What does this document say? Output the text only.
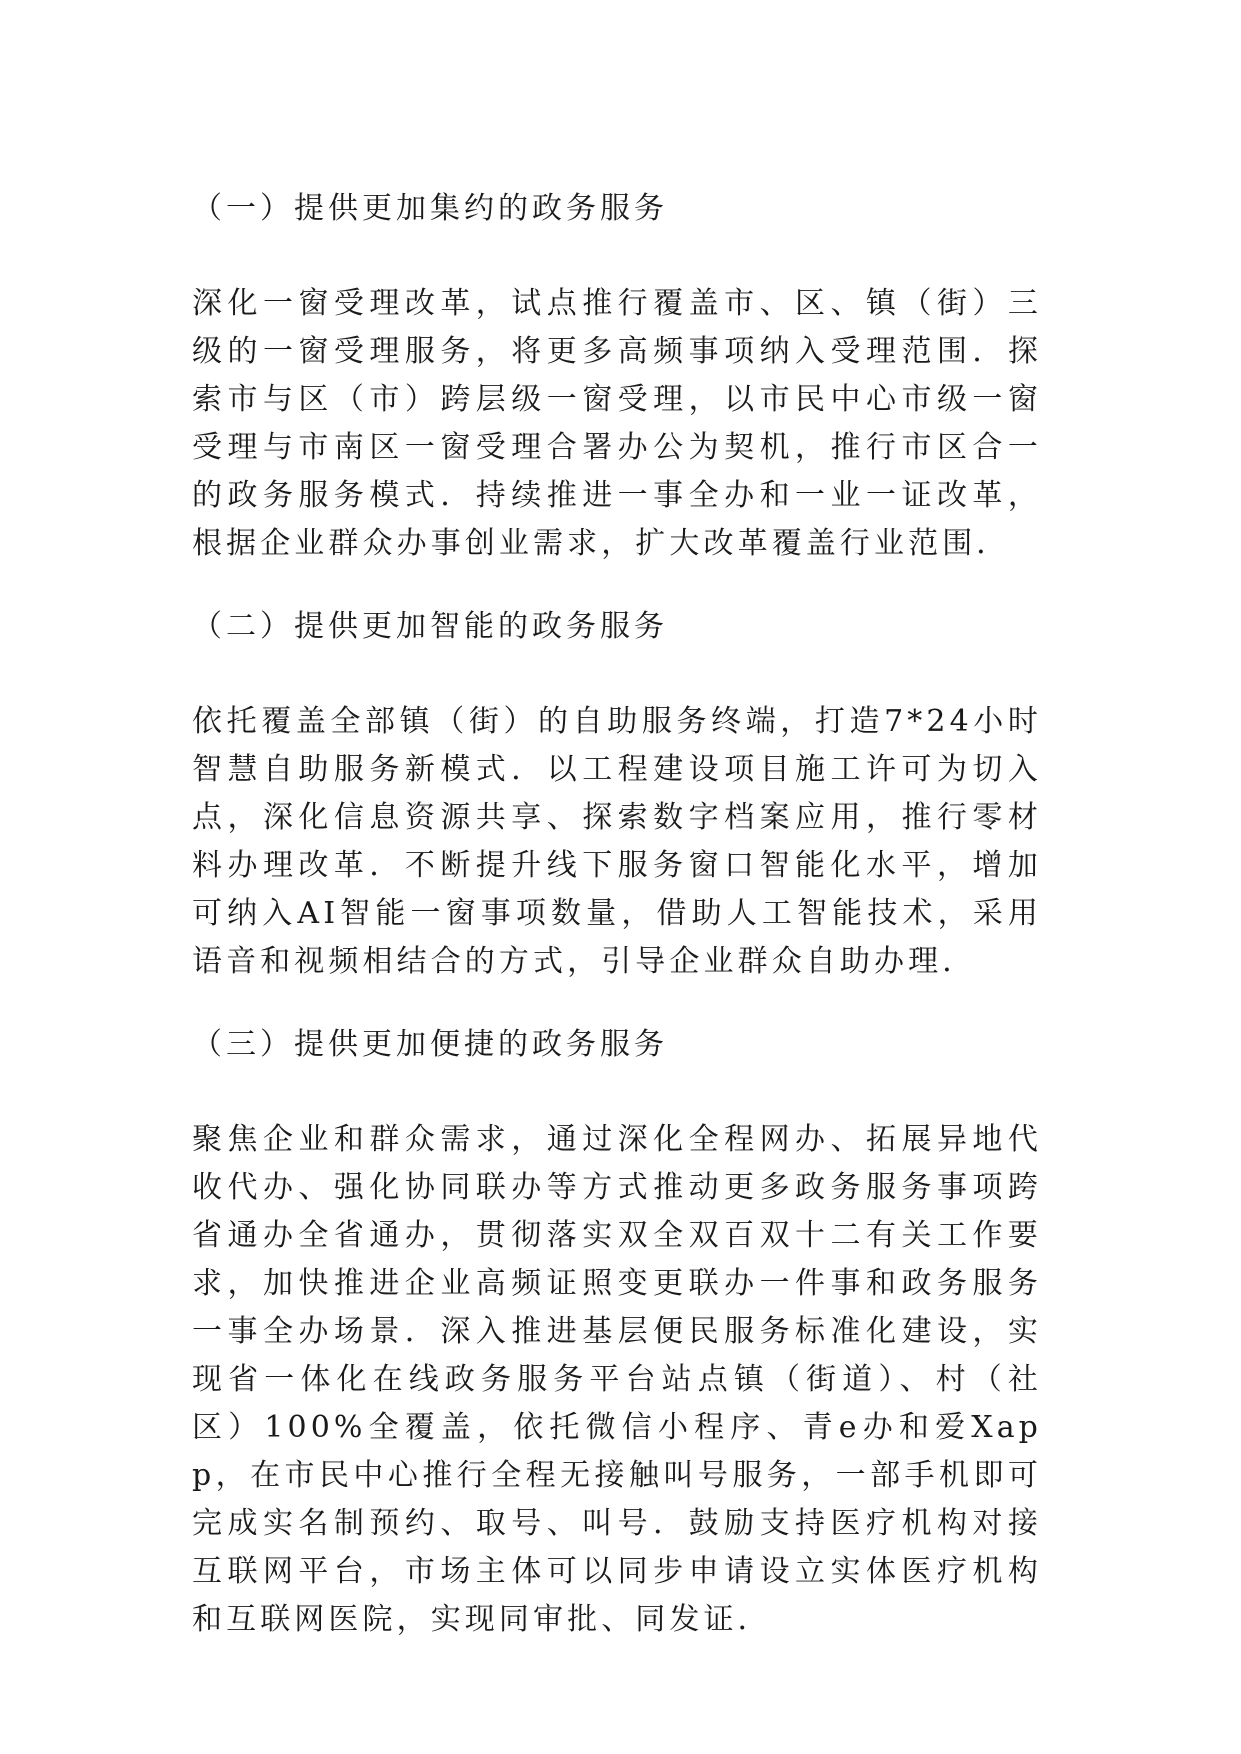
（一）提供更加集约的政务服务
深化一窗受理改革，试点推行覆盖市、区、镇（街）三级的一窗受理服务，将更多高频事项纳入受理范围．探索市与区（市）跨层级一窗受理，以市民中心市级一窗受理与市南区一窗受理合署办公为契机，推行市区合一的政务服务模式．持续推进一事全办和一业一证改革，根据企业群众办事创业需求，扩大改革覆盖行业范围．
（二）提供更加智能的政务服务
依托覆盖全部镇（街）的自助服务终端，打造7*24小时智慧自助服务新模式．以工程建设项目施工许可为切入点，深化信息资源共享、探索数字档案应用，推行零材料办理改革．不断提升线下服务窗口智能化水平，增加可纳入AI智能一窗事项数量，借助人工智能技术，采用语音和视频相结合的方式，引导企业群众自助办理．
（三）提供更加便捷的政务服务
聚焦企业和群众需求，通过深化全程网办、拓展异地代收代办、强化协同联办等方式推动更多政务服务事项跨省通办全省通办，贯彻落实双全双百双十二有关工作要求，加快推进企业高频证照变更联办一件事和政务服务一事全办场景．深入推进基层便民服务标准化建设，实现省一体化在线政务服务平台站点镇（街道）、村（社区）100%全覆盖，依托微信小程序、青e办和爱Xapp，在市民中心推行全程无接触叫号服务，一部手机即可完成实名制预约、取号、叫号．鼓励支持医疗机构对接互联网平台，市场主体可以同步申请设立实体医疗机构和互联网医院，实现同审批、同发证．
